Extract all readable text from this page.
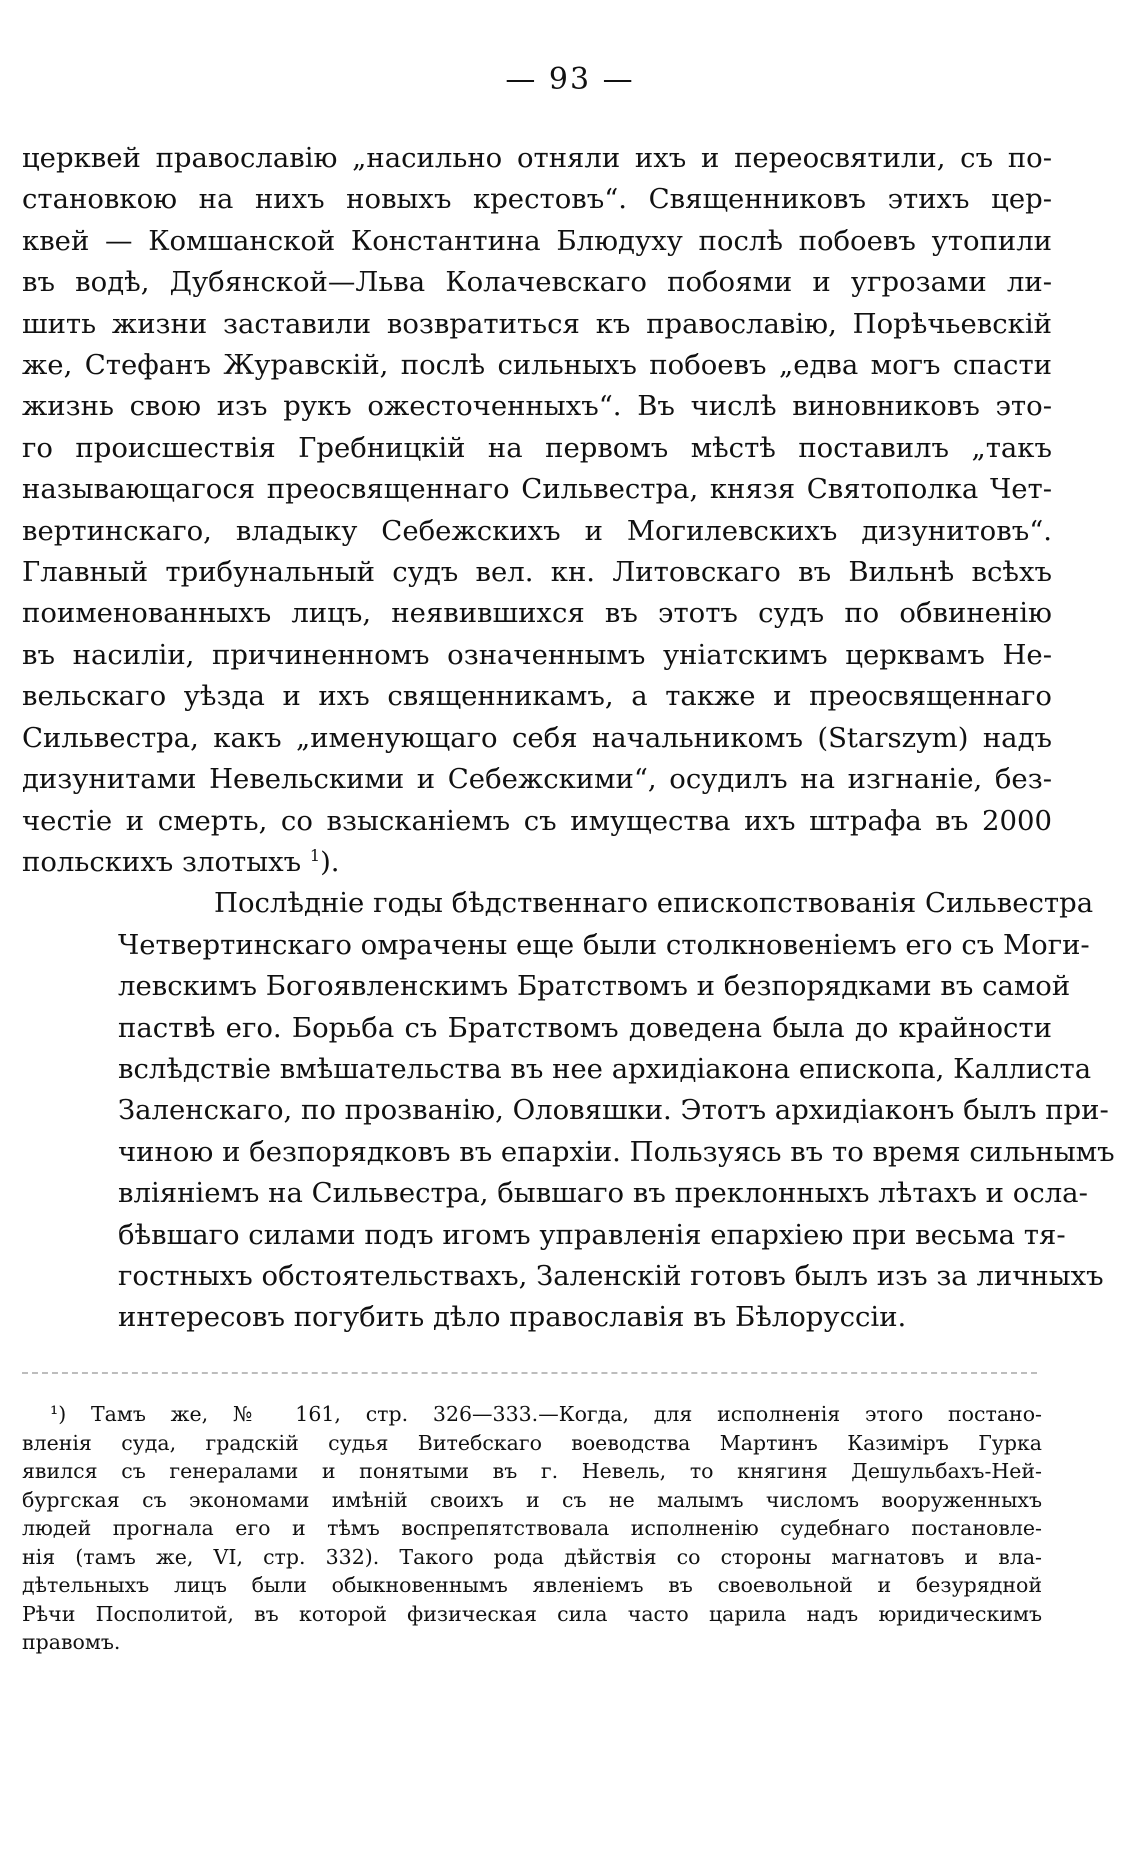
— 93 —

церквей православію „насильно отняли ихъ и переосвятили, съ по-
становкою на нихъ новыхъ крестовъ“. Священниковъ этихъ цер-
квей — Комшанской Константина Блюдуху послѣ побоевъ утопили
въ водѣ, Дубянской—Льва Колачевскаго побоями и угрозами ли-
шить жизни заставили возвратиться къ православію, Порѣчьевскій
же, Стефанъ Журавскій, послѣ сильныхъ побоевъ „едва могъ спасти
жизнь свою изъ рукъ ожесточенныхъ“. Въ числѣ виновниковъ это-
го происшествія Гребницкій на первомъ мѣстѣ поставилъ „такъ
называющагося преосвященнаго Сильвестра, князя Святополка Чет-
вертинскаго, владыку Себежскихъ и Могилевскихъ дизунитовъ“.
Главный трибунальный судъ вел. кн. Литовскаго въ Вильнѣ всѣхъ
поименованныхъ лицъ, неявившихся въ этотъ судъ по обвиненію
въ насиліи, причиненномъ означеннымъ уніатскимъ церквамъ Не-
вельскаго уѣзда и ихъ священникамъ, а также и преосвященнаго
Сильвестра, какъ „именующаго себя начальникомъ (Starszym) надъ
дизунитами Невельскими и Себежскими“, осудилъ на изгнаніе, без-
честіе и смерть, со взысканіемъ съ имущества ихъ штрафа въ 2000
польскихъ злотыхъ $^1$).

Послѣдніе годы бѣдственнаго епископствованія Сильвестра
Четвертинскаго омрачены еще были столкновеніемъ его съ Моги-
левскимъ Богоявленскимъ Братствомъ и безпорядками въ самой
паствѣ его. Борьба съ Братствомъ доведена была до крайности
вслѣдствіе вмѣшательства въ нее архидіакона епископа, Каллиста
Заленскаго, по прозванію, Оловяшки. Этотъ архидіаконъ былъ при-
чиною и безпорядковъ въ епархіи. Пользуясь въ то время сильнымъ
вліяніемъ на Сильвестра, бывшаго въ преклонныхъ лѣтахъ и осла-
бѣвшаго силами подъ игомъ управленія епархіею при весьма тя-
гостныхъ обстоятельствахъ, Заленскій готовъ былъ изъ за личныхъ
интересовъ погубить дѣло православія въ Бѣлоруссіи.

¹) Тамъ же, № 161, стр. 326—333.—Когда, для исполненія этого постано-
вленія суда, градскій судья Витебскаго воеводства Мартинъ Казиміръ Гурка
явился съ генералами и понятыми въ г. Невель, то княгиня Дешульбахъ-Ней-
бургская съ экономами имѣній своихъ и съ не малымъ числомъ вооруженныхъ
людей прогнала его и тѣмъ воспрепятствовала исполненію судебнаго постановле-
нія (тамъ же, VI, стр. 332). Такого рода дѣйствія со стороны магнатовъ и вла-
дѣтельныхъ лицъ были обыкновеннымъ явленіемъ въ своевольной и безурядной
Рѣчи Посполитой, въ которой физическая сила часто царила надъ юридическимъ
правомъ.
